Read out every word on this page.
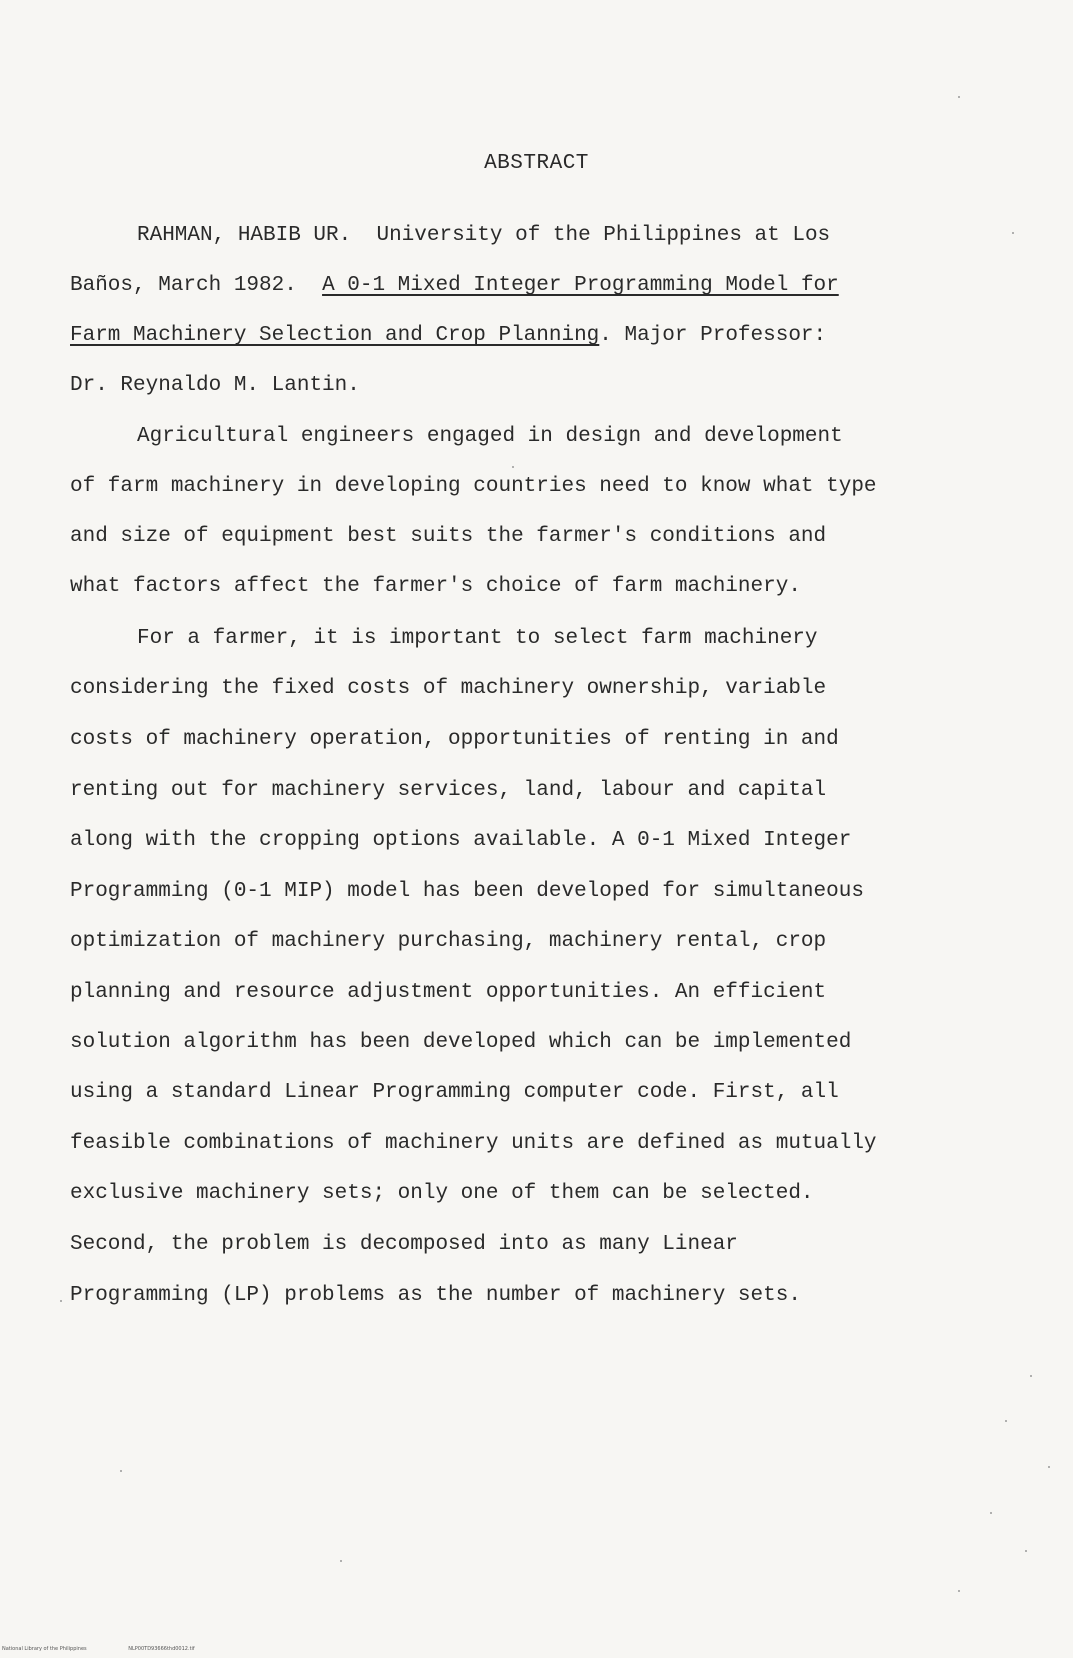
ABSTRACT
RAHMAN, HABIB UR. University of the Philippines at Los
Baños, March 1982. A 0-1 Mixed Integer Programming Model for
Farm Machinery Selection and Crop Planning. Major Professor:
Dr. Reynaldo M. Lantin.
Agricultural engineers engaged in design and development
of farm machinery in developing countries need to know what type
and size of equipment best suits the farmer's conditions and
what factors affect the farmer's choice of farm machinery.
For a farmer, it is important to select farm machinery
considering the fixed costs of machinery ownership, variable
costs of machinery operation, opportunities of renting in and
renting out for machinery services, land, labour and capital
along with the cropping options available. A 0-1 Mixed Integer
Programming (0-1 MIP) model has been developed for simultaneous
optimization of machinery purchasing, machinery rental, crop
planning and resource adjustment opportunities. An efficient
solution algorithm has been developed which can be implemented
using a standard Linear Programming computer code. First, all
feasible combinations of machinery units are defined as mutually
exclusive machinery sets; only one of them can be selected.
Second, the problem is decomposed into as many Linear
Programming (LP) problems as the number of machinery sets.
National Library of the Philippines	NLP00TD93666thd0012.tif
